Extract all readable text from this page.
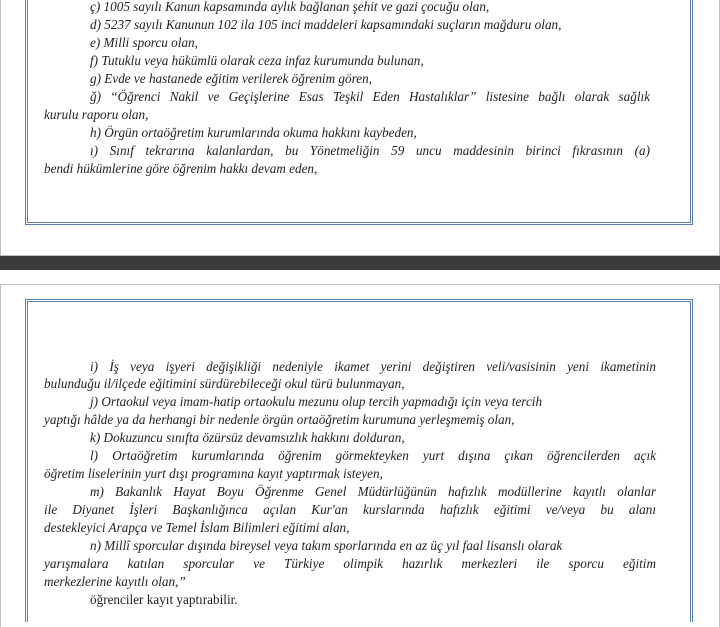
ç) 1005 sayılı Kanun kapsamında aylık bağlanan şehit ve gazi çocuğu olan,
d) 5237 sayılı Kanunun 102 ila 105 inci maddeleri kapsamındaki suçların mağduru olan,
e) Milli sporcu olan,
f) Tutuklu veya hükümlü olarak ceza infaz kurumunda bulunan,
g) Evde ve hastanede eğitim verilerek öğrenim gören,
ğ) “Öğrenci Nakil ve Geçişlerine Esas Teşkil Eden Hastalıklar” listesine bağlı olarak sağlık
kurulu raporu olan,
h) Örgün ortaöğretim kurumlarında okuma hakkını kaybeden,
ı) Sınıf tekrarına kalanlardan, bu Yönetmeliğin 59 uncu maddesinin birinci fıkrasının (a)
bendi hükümlerine göre öğrenim hakkı devam eden,
i) İş veya işyeri değişikliği nedeniyle ikamet yerini değiştiren veli/vasisinin yeni ikametinin
bulunduğu il/ilçede eğitimini sürdürebileceği okul türü bulunmayan,
j) Ortaokul veya imam-hatip ortaokulu mezunu olup tercih yapmadığı için veya tercih
yaptığı hâlde ya da herhangi bir nedenle örgün ortaöğretim kurumuna yerleşmemiş olan,
k) Dokuzuncu sınıfta özürsüz devamsızlık hakkını dolduran,
l) Ortaöğretim kurumlarında öğrenim görmekteyken yurt dışına çıkan öğrencilerden açık
öğretim liselerinin yurt dışı programına kayıt yaptırmak isteyen,
m) Bakanlık Hayat Boyu Öğrenme Genel Müdürlüğünün hafızlık modüllerine kayıtlı olanlar
ile Diyanet İşleri Başkanlığınca açılan Kur'an kurslarında hafızlık eğitimi ve/veya bu alanı
destekleyici Arapça ve Temel İslam Bilimleri eğitimi alan,
n) Millî sporcular dışında bireysel veya takım sporlarında en az üç yıl faal lisanslı olarak
yarışmalara katılan sporcular ve Türkiye olimpik hazırlık merkezleri ile sporcu eğitim
merkezlerine kayıtlı olan,”
öğrenciler kayıt yaptırabilir.
